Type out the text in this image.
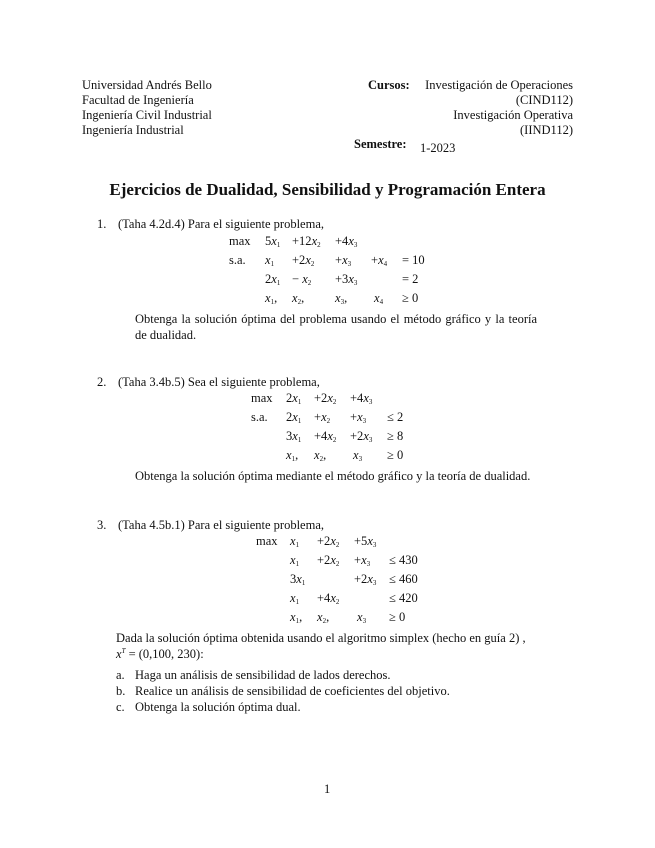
Universidad Andrés Bello
Facultad de Ingeniería
Ingeniería Civil Industrial
Ingeniería Industrial
Cursos: Investigación de Operaciones
(CIND112)
Investigación Operativa
(IIND112)
Semestre: 1-2023
Ejercicios de Dualidad, Sensibilidad y Programación Entera
1. (Taha 4.2d.4) Para el siguiente problema,
$\max 5x_1 +12x_2 +4x_3$
s.a. $x_1 +2x_2 +x_3 +x_4 = 10$
$2x_1 - x_2 +3x_3$	= 2
$x_1$, $x_2$, $x_3$, $x_4 \ge 0$
Obtenga la solución óptima del problema usando el método gráfico y la teoría de dualidad.
2. (Taha 3.4b.5) Sea el siguiente problema,
$\max 2x_1 +2x_2 +4x_3$
s.a. $2x_1 +x_2 +x_3 \le 2$
$3x_1 +4x_2 +2x_3 \ge 8$
$x_1$, $x_2$, $x_3 \ge 0$
Obtenga la solución óptima mediante el método gráfico y la teoría de dualidad.
3. (Taha 4.5b.1) Para el siguiente problema,
$\max x_1 +2x_2 +5x_3$
$x_1 +2x_2 +x_3 \le 430$
$3x_1$	$+2x_3 \le 460$
$x_1 +4x_2$	≤ 420
$x_1$, $x_2$, $x_3 \ge 0$
Dada la solución óptima obtenida usando el algoritmo simplex (hecho en guía 2) ,
$x^T = (0,100$, 230):
a. Haga un análisis de sensibilidad de lados derechos.
b. Realice un análisis de sensibilidad de coeficientes del objetivo.
c. Obtenga la solución óptima dual.
1
